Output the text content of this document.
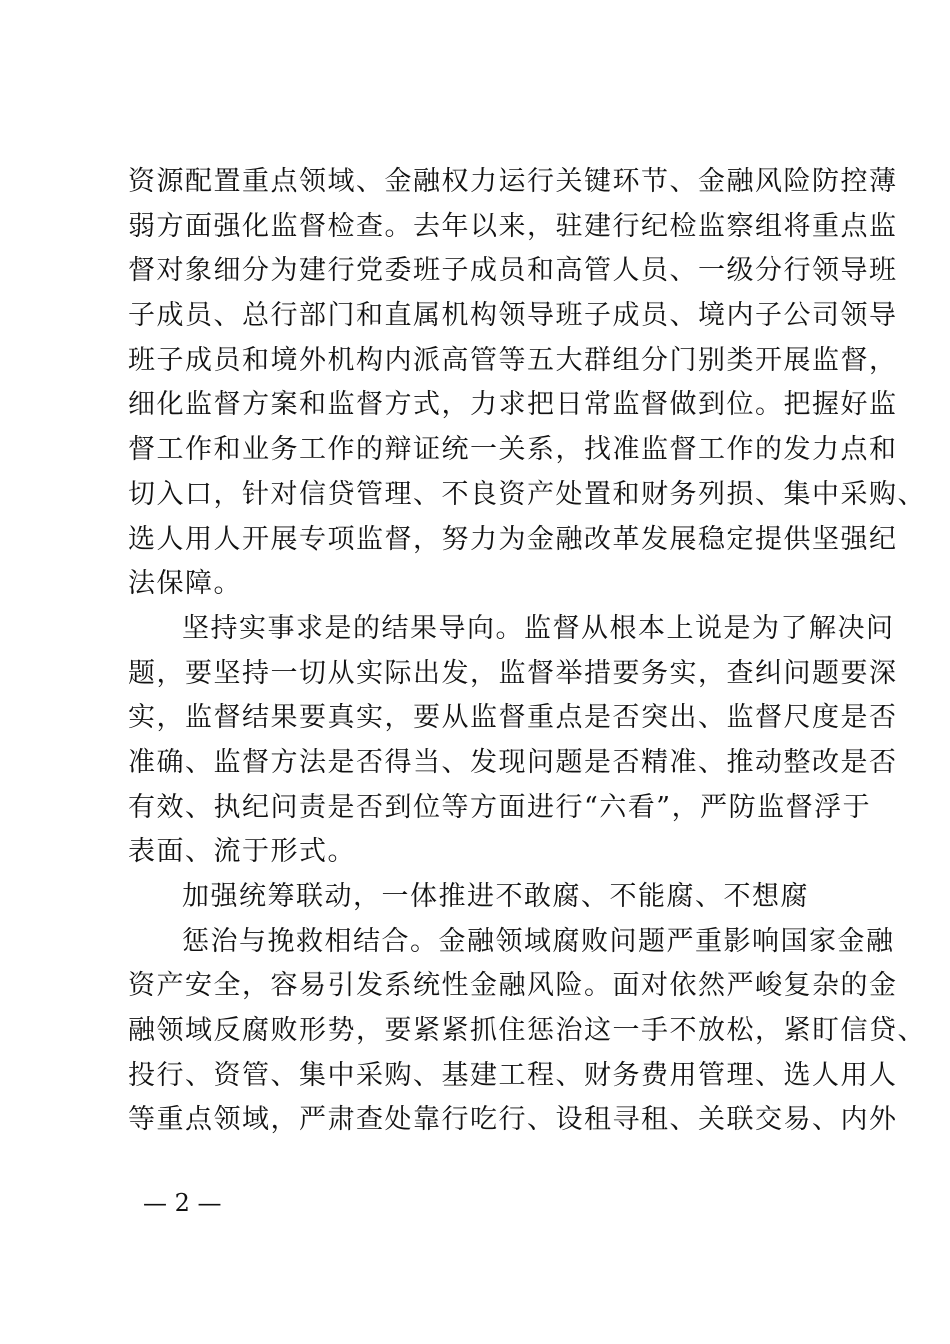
资源配置重点领域、金融权力运行关键环节、金融风险防控薄
弱方面强化监督检查。去年以来，驻建行纪检监察组将重点监
督对象细分为建行党委班子成员和高管人员、一级分行领导班
子成员、总行部门和直属机构领导班子成员、境内子公司领导
班子成员和境外机构内派高管等五大群组分门别类开展监督，
细化监督方案和监督方式，力求把日常监督做到位。把握好监
督工作和业务工作的辩证统一关系，找准监督工作的发力点和
切入口，针对信贷管理、不良资产处置和财务列损、集中采购、
选人用人开展专项监督，努力为金融改革发展稳定提供坚强纪
法保障。
坚持实事求是的结果导向。监督从根本上说是为了解决问
题，要坚持一切从实际出发，监督举措要务实，查纠问题要深
实，监督结果要真实，要从监督重点是否突出、监督尺度是否
准确、监督方法是否得当、发现问题是否精准、推动整改是否
有效、执纪问责是否到位等方面进行“六看”，严防监督浮于
表面、流于形式。
加强统筹联动，一体推进不敢腐、不能腐、不想腐
惩治与挽救相结合。金融领域腐败问题严重影响国家金融
资产安全，容易引发系统性金融风险。面对依然严峻复杂的金
融领域反腐败形势，要紧紧抓住惩治这一手不放松，紧盯信贷、
投行、资管、集中采购、基建工程、财务费用管理、选人用人
等重点领域，严肃查处靠行吃行、设租寻租、关联交易、内外
— 2 —
